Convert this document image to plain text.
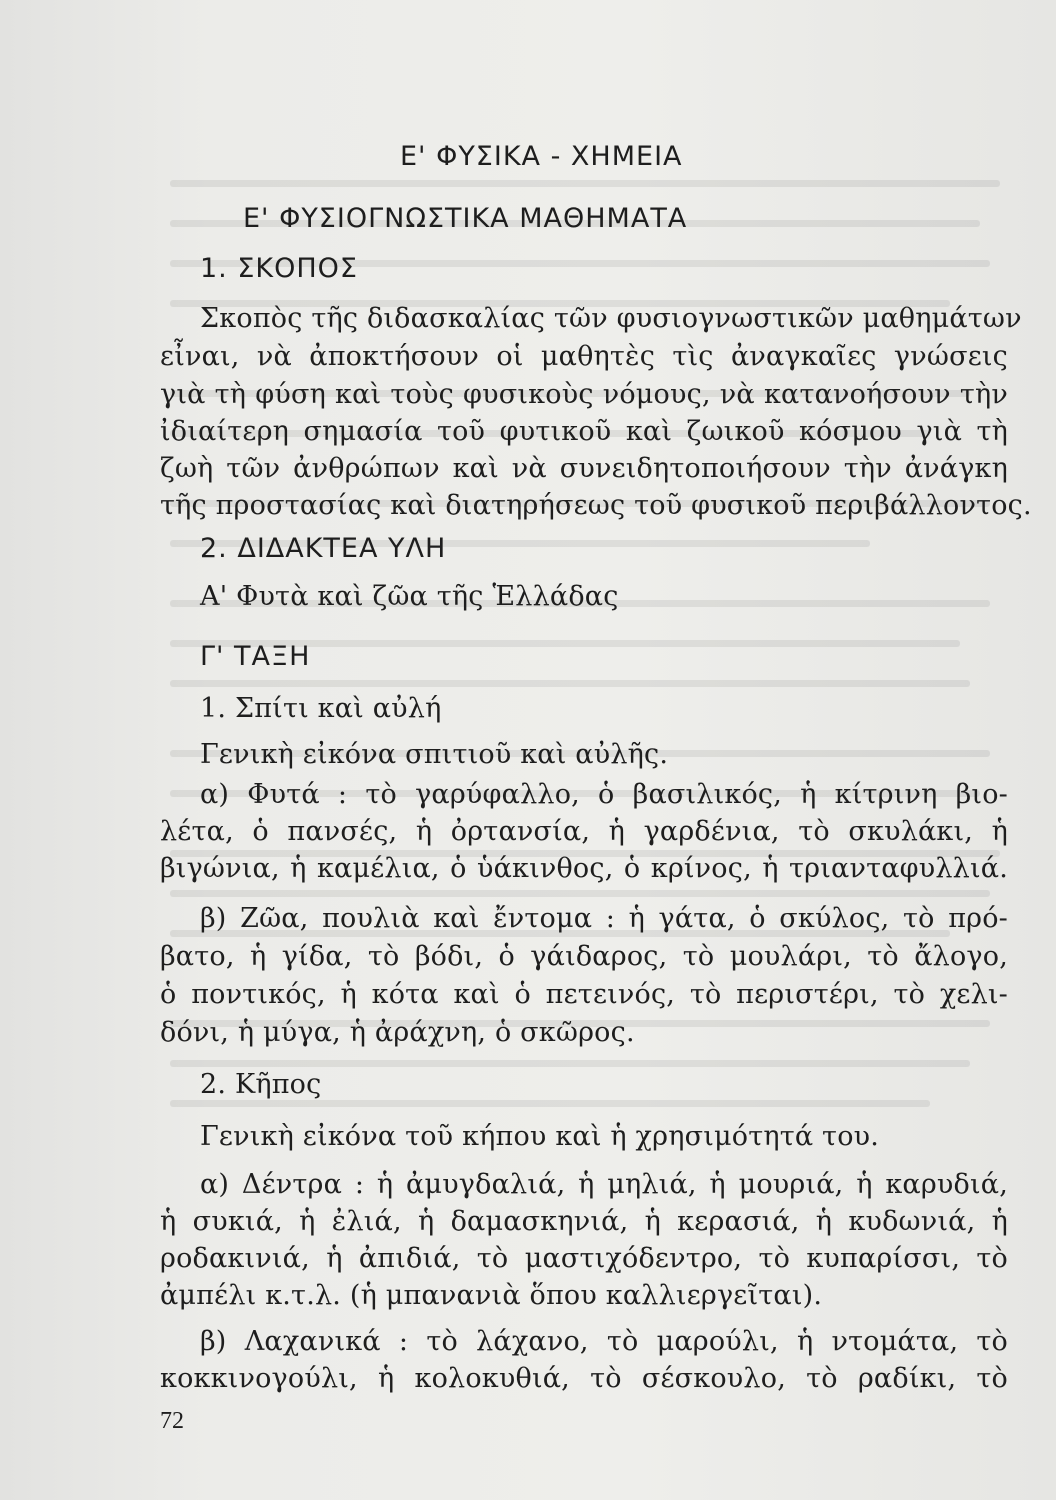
Ε' ΦΥΣΙΚΑ - ΧΗΜΕΙΑ
Ε' ΦΥΣΙΟΓΝΩΣΤΙΚΑ ΜΑΘΗΜΑΤΑ
1. ΣΚΟΠΟΣ
Σκοπὸς τῆς διδασκαλίας τῶν φυσιογνωστικῶν μαθημάτων
εἶναι, νὰ ἀποκτήσουν οἱ μαθητὲς τὶς ἀναγκαῖες γνώσεις
γιὰ τὴ φύση καὶ τοὺς φυσικοὺς νόμους, νὰ κατανοήσουν τὴν
ἰδιαίτερη σημασία τοῦ φυτικοῦ καὶ ζωικοῦ κόσμου γιὰ τὴ
ζωὴ τῶν ἀνθρώπων καὶ νὰ συνειδητοποιήσουν τὴν ἀνάγκη
τῆς προστασίας καὶ διατηρήσεως τοῦ φυσικοῦ περιβάλλοντος.
2. ΔΙΔΑΚΤΕΑ ΥΛΗ
Α' Φυτὰ καὶ ζῶα τῆς Ἑλλάδας
Γ' ΤΑΞΗ
1. Σπίτι καὶ αὐλή
Γενικὴ εἰκόνα σπιτιοῦ καὶ αὐλῆς.
α) Φυτά : τὸ γαρύφαλλο, ὁ βασιλικός, ἡ κίτρινη βιο-
λέτα, ὁ πανσές, ἡ ὀρτανσία, ἡ γαρδένια, τὸ σκυλάκι, ἡ
βιγώνια, ἡ καμέλια, ὁ ὑάκινθος, ὁ κρίνος, ἡ τριανταφυλλιά.
β) Ζῶα, πουλιὰ καὶ ἔντομα : ἡ γάτα, ὁ σκύλος, τὸ πρό-
βατο, ἡ γίδα, τὸ βόδι, ὁ γάιδαρος, τὸ μουλάρι, τὸ ἄλογο,
ὁ ποντικός, ἡ κότα καὶ ὁ πετεινός, τὸ περιστέρι, τὸ χελι-
δόνι, ἡ μύγα, ἡ ἀράχνη, ὁ σκῶρος.
2. Κῆπος
Γενικὴ εἰκόνα τοῦ κήπου καὶ ἡ χρησιμότητά του.
α) Δέντρα : ἡ ἀμυγδαλιά, ἡ μηλιά, ἡ μουριά, ἡ καρυδιά,
ἡ συκιά, ἡ ἐλιά, ἡ δαμασκηνιά, ἡ κερασιά, ἡ κυδωνιά, ἡ
ροδακινιά, ἡ ἀπιδιά, τὸ μαστιχόδεντρο, τὸ κυπαρίσσι, τὸ
ἀμπέλι κ.τ.λ. (ἡ μπανανιὰ ὅπου καλλιεργεῖται).
β) Λαχανικά : τὸ λάχανο, τὸ μαρούλι, ἡ ντομάτα, τὸ
κοκκινογούλι, ἡ κολοκυθιά, τὸ σέσκουλο, τὸ ραδίκι, τὸ
72
